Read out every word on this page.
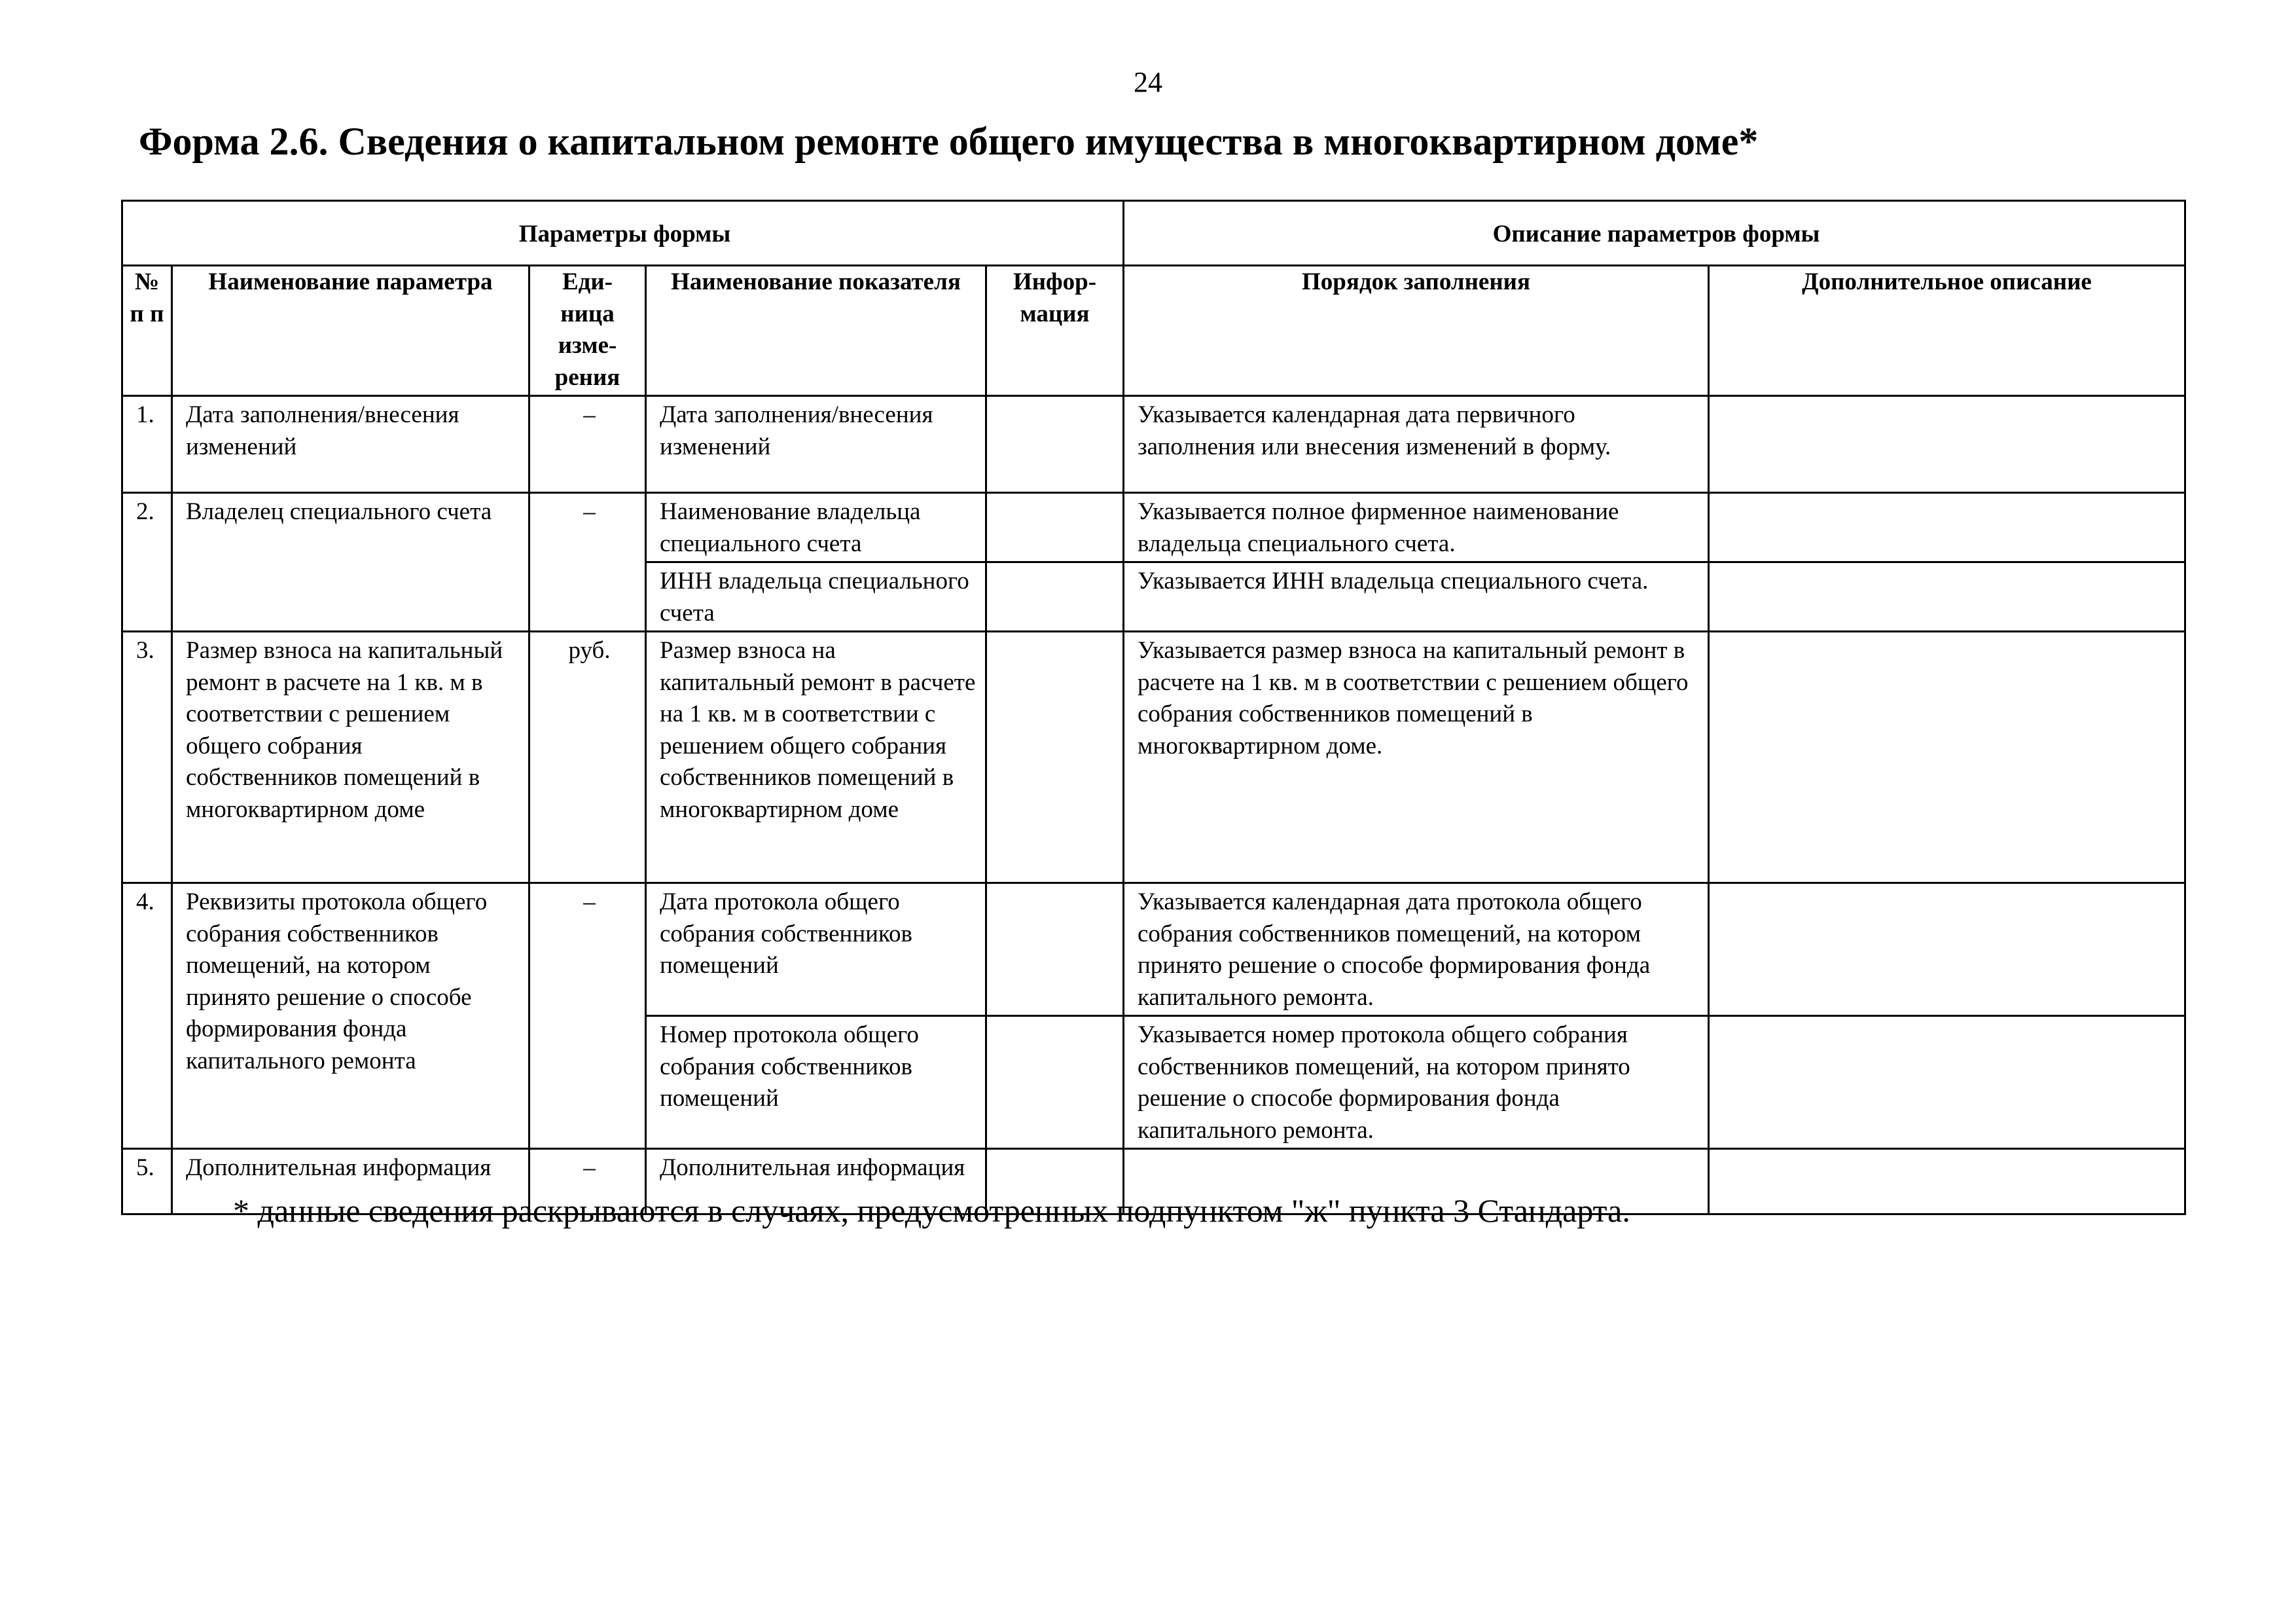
24
Форма 2.6. Сведения о капитальном ремонте общего имущества в многоквартирном доме*
Параметры формы					Описание параметров формы	
№ п п	Наименование параметра	Еди-ница изме-рения	Наименование показателя	Инфор-мация	Порядок заполнения	Дополнительное описание
1.	Дата заполнения/внесения изменений	–	Дата заполнения/внесения изменений		Указывается календарная дата первичного заполнения или внесения изменений в форму.	
2.	Владелец специального счета	–	Наименование владельца специального счета		Указывается полное фирменное наименование владельца специального счета.	
			ИНН владельца специального счета		Указывается ИНН владельца специального счета.	
3.	Размер взноса на капитальный ремонт в расчете на 1 кв. м в соответствии с решением общего собрания собственников помещений в многоквартирном доме	руб.	Размер взноса на капитальный ремонт в расчете на 1 кв. м в соответствии с решением общего собрания собственников помещений в многоквартирном доме		Указывается размер взноса на капитальный ремонт в расчете на 1 кв. м в соответствии с решением общего собрания собственников помещений в многоквартирном доме.	
4.	Реквизиты протокола общего собрания собственников помещений, на котором принято решение о способе формирования фонда капитального ремонта	–	Дата протокола общего собрания собственников помещений		Указывается календарная дата протокола общего собрания собственников помещений, на котором принято решение о способе формирования фонда капитального ремонта.	
			Номер протокола общего собрания собственников помещений		Указывается номер протокола общего собрания собственников помещений, на котором принято решение о способе формирования фонда капитального ремонта.	
5.	Дополнительная информация	–	Дополнительная информация			
* данные сведения раскрываются в случаях, предусмотренных подпунктом "ж" пункта 3 Стандарта.
